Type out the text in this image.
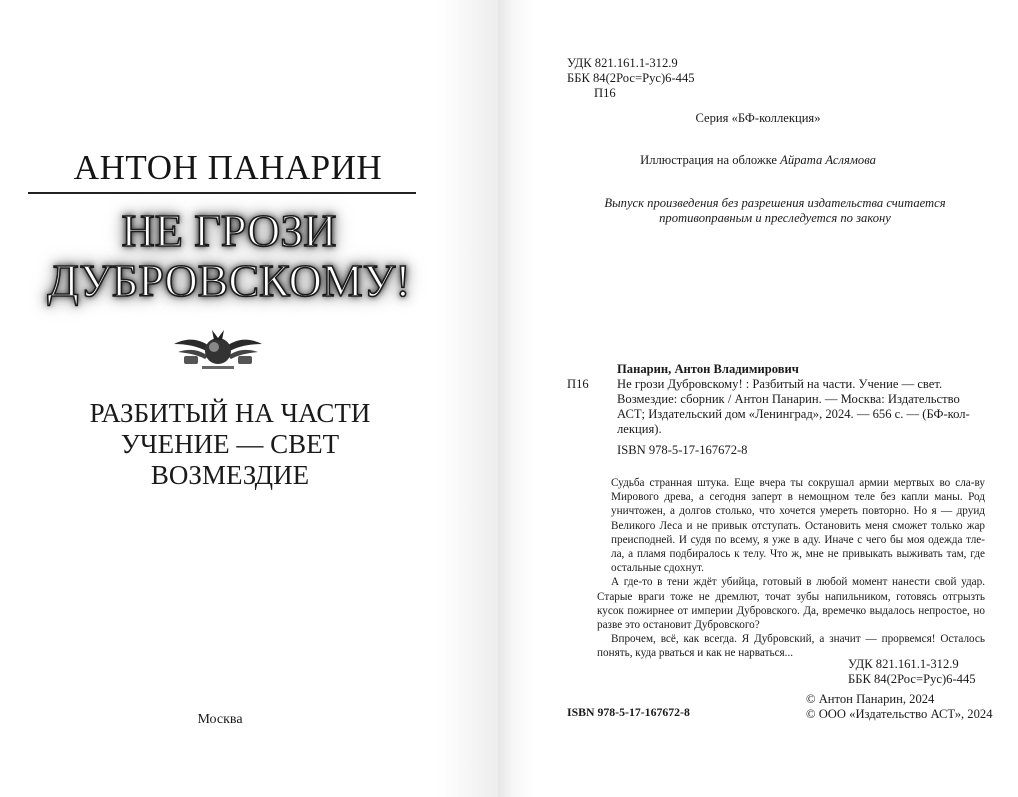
АНТОН ПАНАРИН
НЕ ГРОЗИ
ДУБРОВСКОМУ!
РАЗБИТЫЙ НА ЧАСТИ
УЧЕНИЕ — СВЕТ
ВОЗМЕЗДИЕ
Москва
УДК 821.161.1-312.9
ББК 84(2Рос=Рус)6-445
П16
Серия «БФ-коллекция»
Иллюстрация на обложке Айрата Аслямова
Выпуск произведения без разрешения издательства считается противоправным и преследуется по закону
Панарин, Антон Владимирович
П16	Не грози Дубровскому! : Разбитый на части. Учение — свет.
Возмездие: сборник / Антон Панарин. — Москва: Издательство
АСТ; Издательский дом «Ленинград», 2024. — 656 с. — (БФ-кол-
лекция).
ISBN 978-5-17-167672-8

Судьба странная штука. Еще вчера ты сокрушал армии мертвых во сла-ву Мирового древа, а сегодня заперт в немощном теле без капли маны. Род уничтожен, а долгов столько, что хочется умереть повторно. Но я — друид Великого Леса и не привык отступать. Остановить меня сможет только жар преисподней. И судя по всему, я уже в аду. Иначе с чего бы моя одежда тле-ла, а пламя подбиралось к телу. Что ж, мне не привыкать выживать там, где остальные сдохнут.

А где-то в тени ждёт убийца, готовый в любой момент нанести свой удар. Старые враги тоже не дремлют, точат зубы напильником, готовясь отгрызть кусок пожирнее от империи Дубровского. Да, времечко выдалось непростое, но разве это остановит Дубровского?

Впрочем, всё, как всегда. Я Дубровский, а значит — прорвемся! Осталось понять, куда рваться и как не нарваться...

УДК 821.161.1-312.9
ББК 84(2Рос=Рус)6-445
ISBN 978-5-17-167672-8
© Антон Панарин, 2024
© ООО «Издательство АСТ», 2024
